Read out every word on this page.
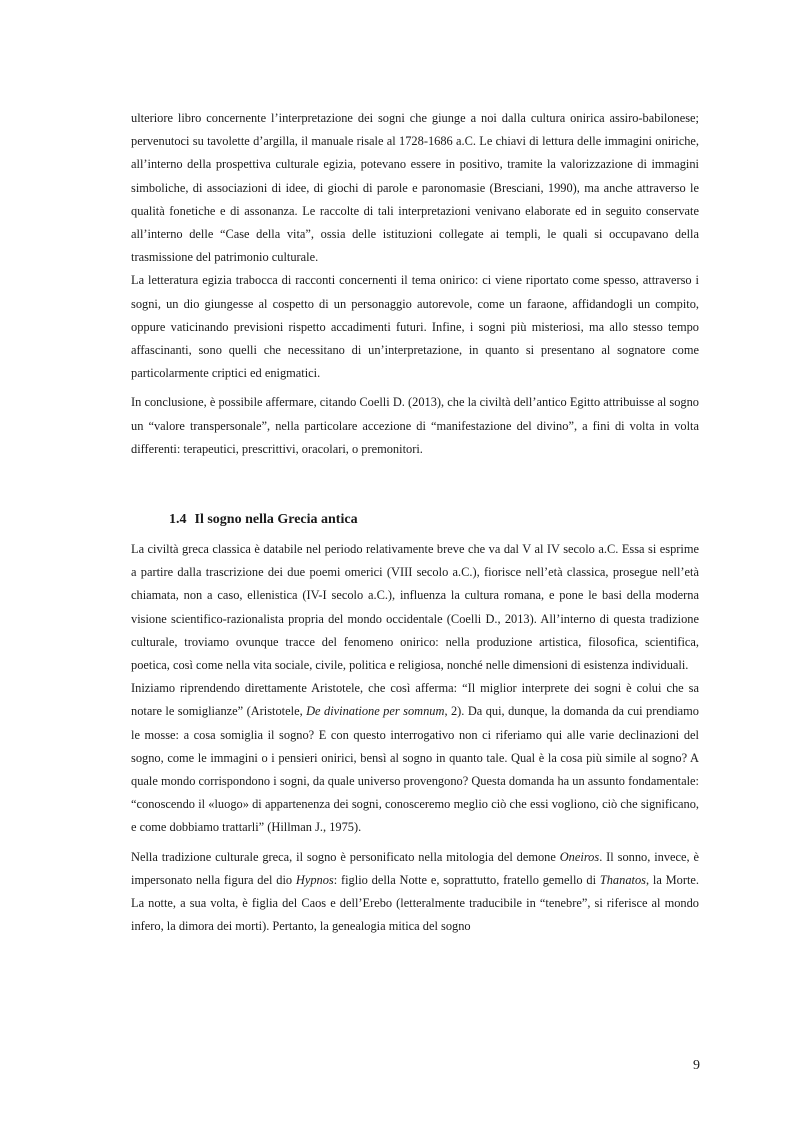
ulteriore libro concernente l’interpretazione dei sogni che giunge a noi dalla cultura onirica assiro-babilonese; pervenutoci su tavolette d’argilla, il manuale risale al 1728-1686 a.C. Le chiavi di lettura delle immagini oniriche, all’interno della prospettiva culturale egizia, potevano essere in positivo, tramite la valorizzazione di immagini simboliche, di associazioni di idee, di giochi di parole e paronomasie (Bresciani, 1990), ma anche attraverso le qualità fonetiche e di assonanza. Le raccolte di tali interpretazioni venivano elaborate ed in seguito conservate all’interno delle “Case della vita”, ossia delle istituzioni collegate ai templi, le quali si occupavano della trasmissione del patrimonio culturale.

La letteratura egizia trabocca di racconti concernenti il tema onirico: ci viene riportato come spesso, attraverso i sogni, un dio giungesse al cospetto di un personaggio autorevole, come un faraone, affidandogli un compito, oppure vaticinando previsioni rispetto accadimenti futuri. Infine, i sogni più misteriosi, ma allo stesso tempo affascinanti, sono quelli che necessitano di un’interpretazione, in quanto si presentano al sognatore come particolarmente criptici ed enigmatici.

In conclusione, è possibile affermare, citando Coelli D. (2013), che la civiltà dell’antico Egitto attribuisse al sogno un “valore transpersonale”, nella particolare accezione di “manifestazione del divino”, a fini di volta in volta differenti: terapeutici, prescrittivi, oracolari, o premonitori.

1.4 Il sogno nella Grecia antica

La civiltà greca classica è databile nel periodo relativamente breve che va dal V al IV secolo a.C. Essa si esprime a partire dalla trascrizione dei due poemi omerici (VIII secolo a.C.), fiorisce nell’età classica, prosegue nell’età chiamata, non a caso, ellenistica (IV-I secolo a.C.), influenza la cultura romana, e pone le basi della moderna visione scientifico-razionalista propria del mondo occidentale (Coelli D., 2013). All’interno di questa tradizione culturale, troviamo ovunque tracce del fenomeno onirico: nella produzione artistica, filosofica, scientifica, poetica, così come nella vita sociale, civile, politica e religiosa, nonché nelle dimensioni di esistenza individuali.

Iniziamo riprendendo direttamente Aristotele, che così afferma: “Il miglior interprete dei sogni è colui che sa notare le somiglianze” (Aristotele, De divinatione per somnum, 2). Da qui, dunque, la domanda da cui prendiamo le mosse: a cosa somiglia il sogno? E con questo interrogativo non ci riferiamo qui alle varie declinazioni del sogno, come le immagini o i pensieri onirici, bensì al sogno in quanto tale. Qual è la cosa più simile al sogno? A quale mondo corrispondono i sogni, da quale universo provengono? Questa domanda ha un assunto fondamentale: “conoscendo il «luogo» di appartenenza dei sogni, conosceremo meglio ciò che essi vogliono, ciò che significano, e come dobbiamo trattarli” (Hillman J., 1975).

Nella tradizione culturale greca, il sogno è personificato nella mitologia del demone Oneiros. Il sonno, invece, è impersonato nella figura del dio Hypnos: figlio della Notte e, soprattutto, fratello gemello di Thanatos, la Morte. La notte, a sua volta, è figlia del Caos e dell’Erebo (letteralmente traducibile in “tenebre”, si riferisce al mondo infero, la dimora dei morti). Pertanto, la genealogia mitica del sogno

9
